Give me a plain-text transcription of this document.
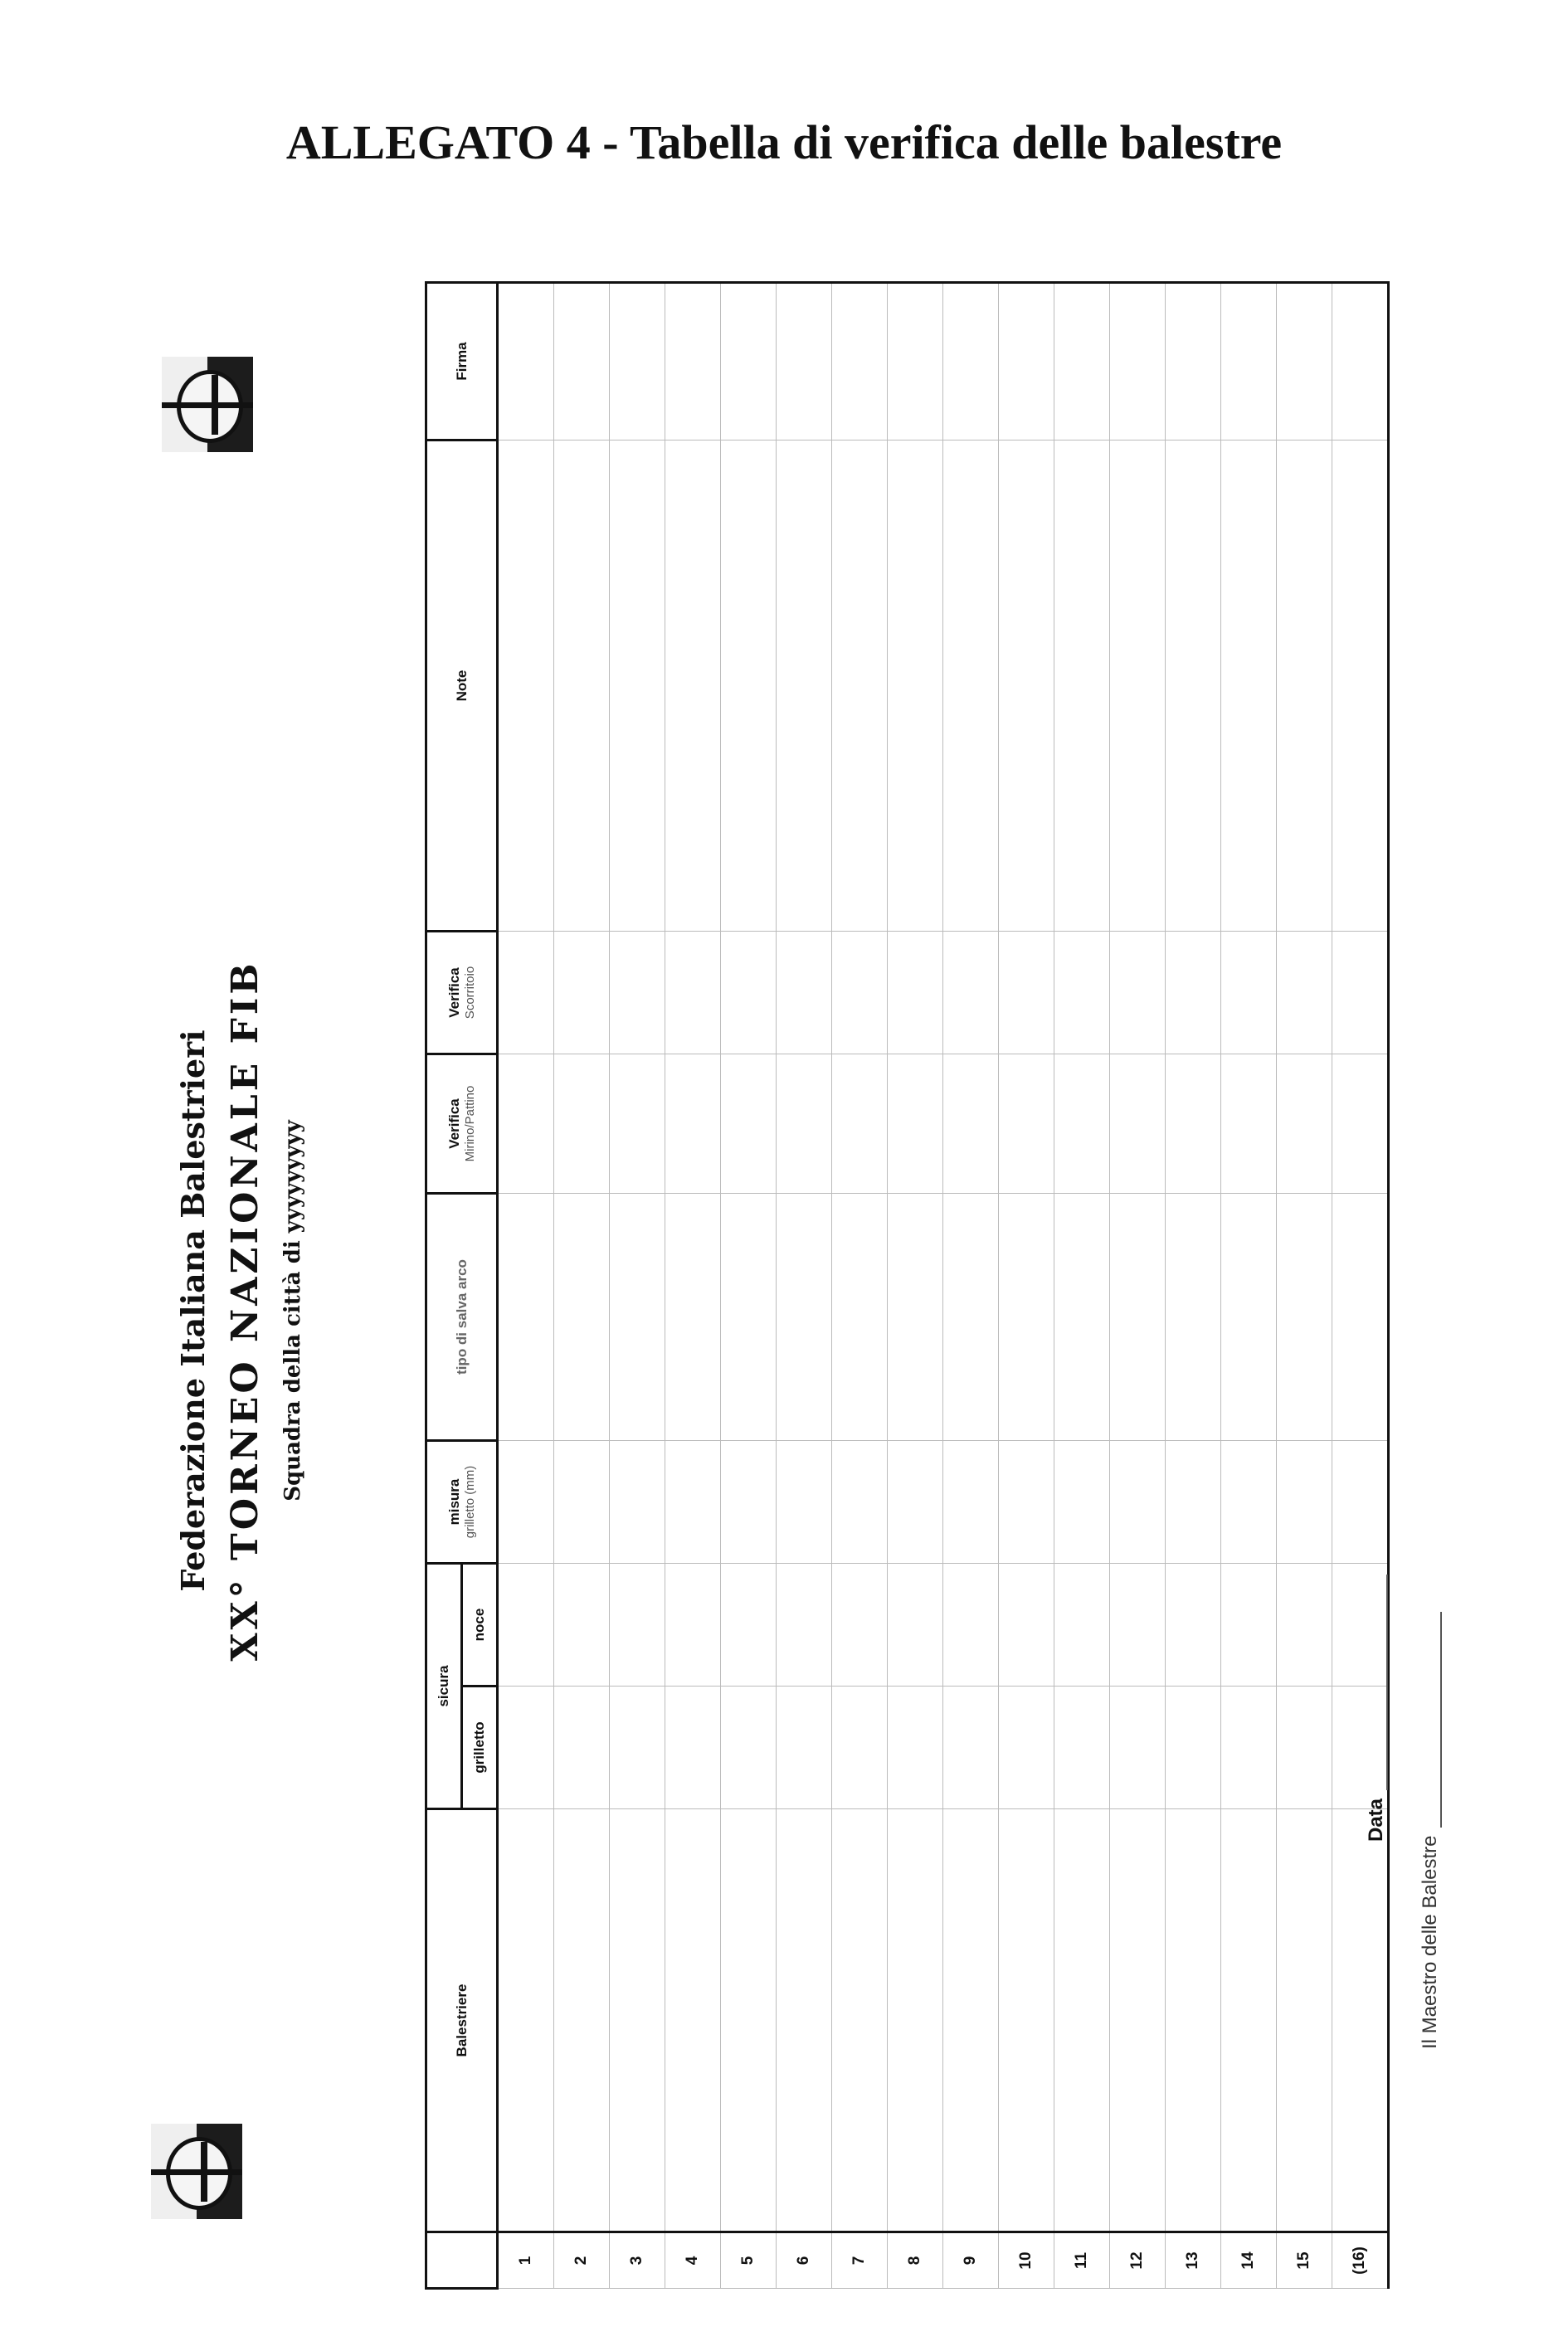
ALLEGATO 4 - Tabella di verifica delle balestre
Federazione Italiana Balestrieri XX° TORNEO NAZIONALE FIB Squadra della città di yyyyyyyyy
	Balestriere	sicura		misura grilletto (mm)	tipo di salva arco	Verifica Mirino/Pattino	Verifica Scorritoio	Note	Firma
		grilletto	noce						
1									
2									
3									
4									
5									
6									
7									
8									
9									
10									
11									
12									
13									
14									
15									
(16)									
Data
Il Maestro delle Balestre
